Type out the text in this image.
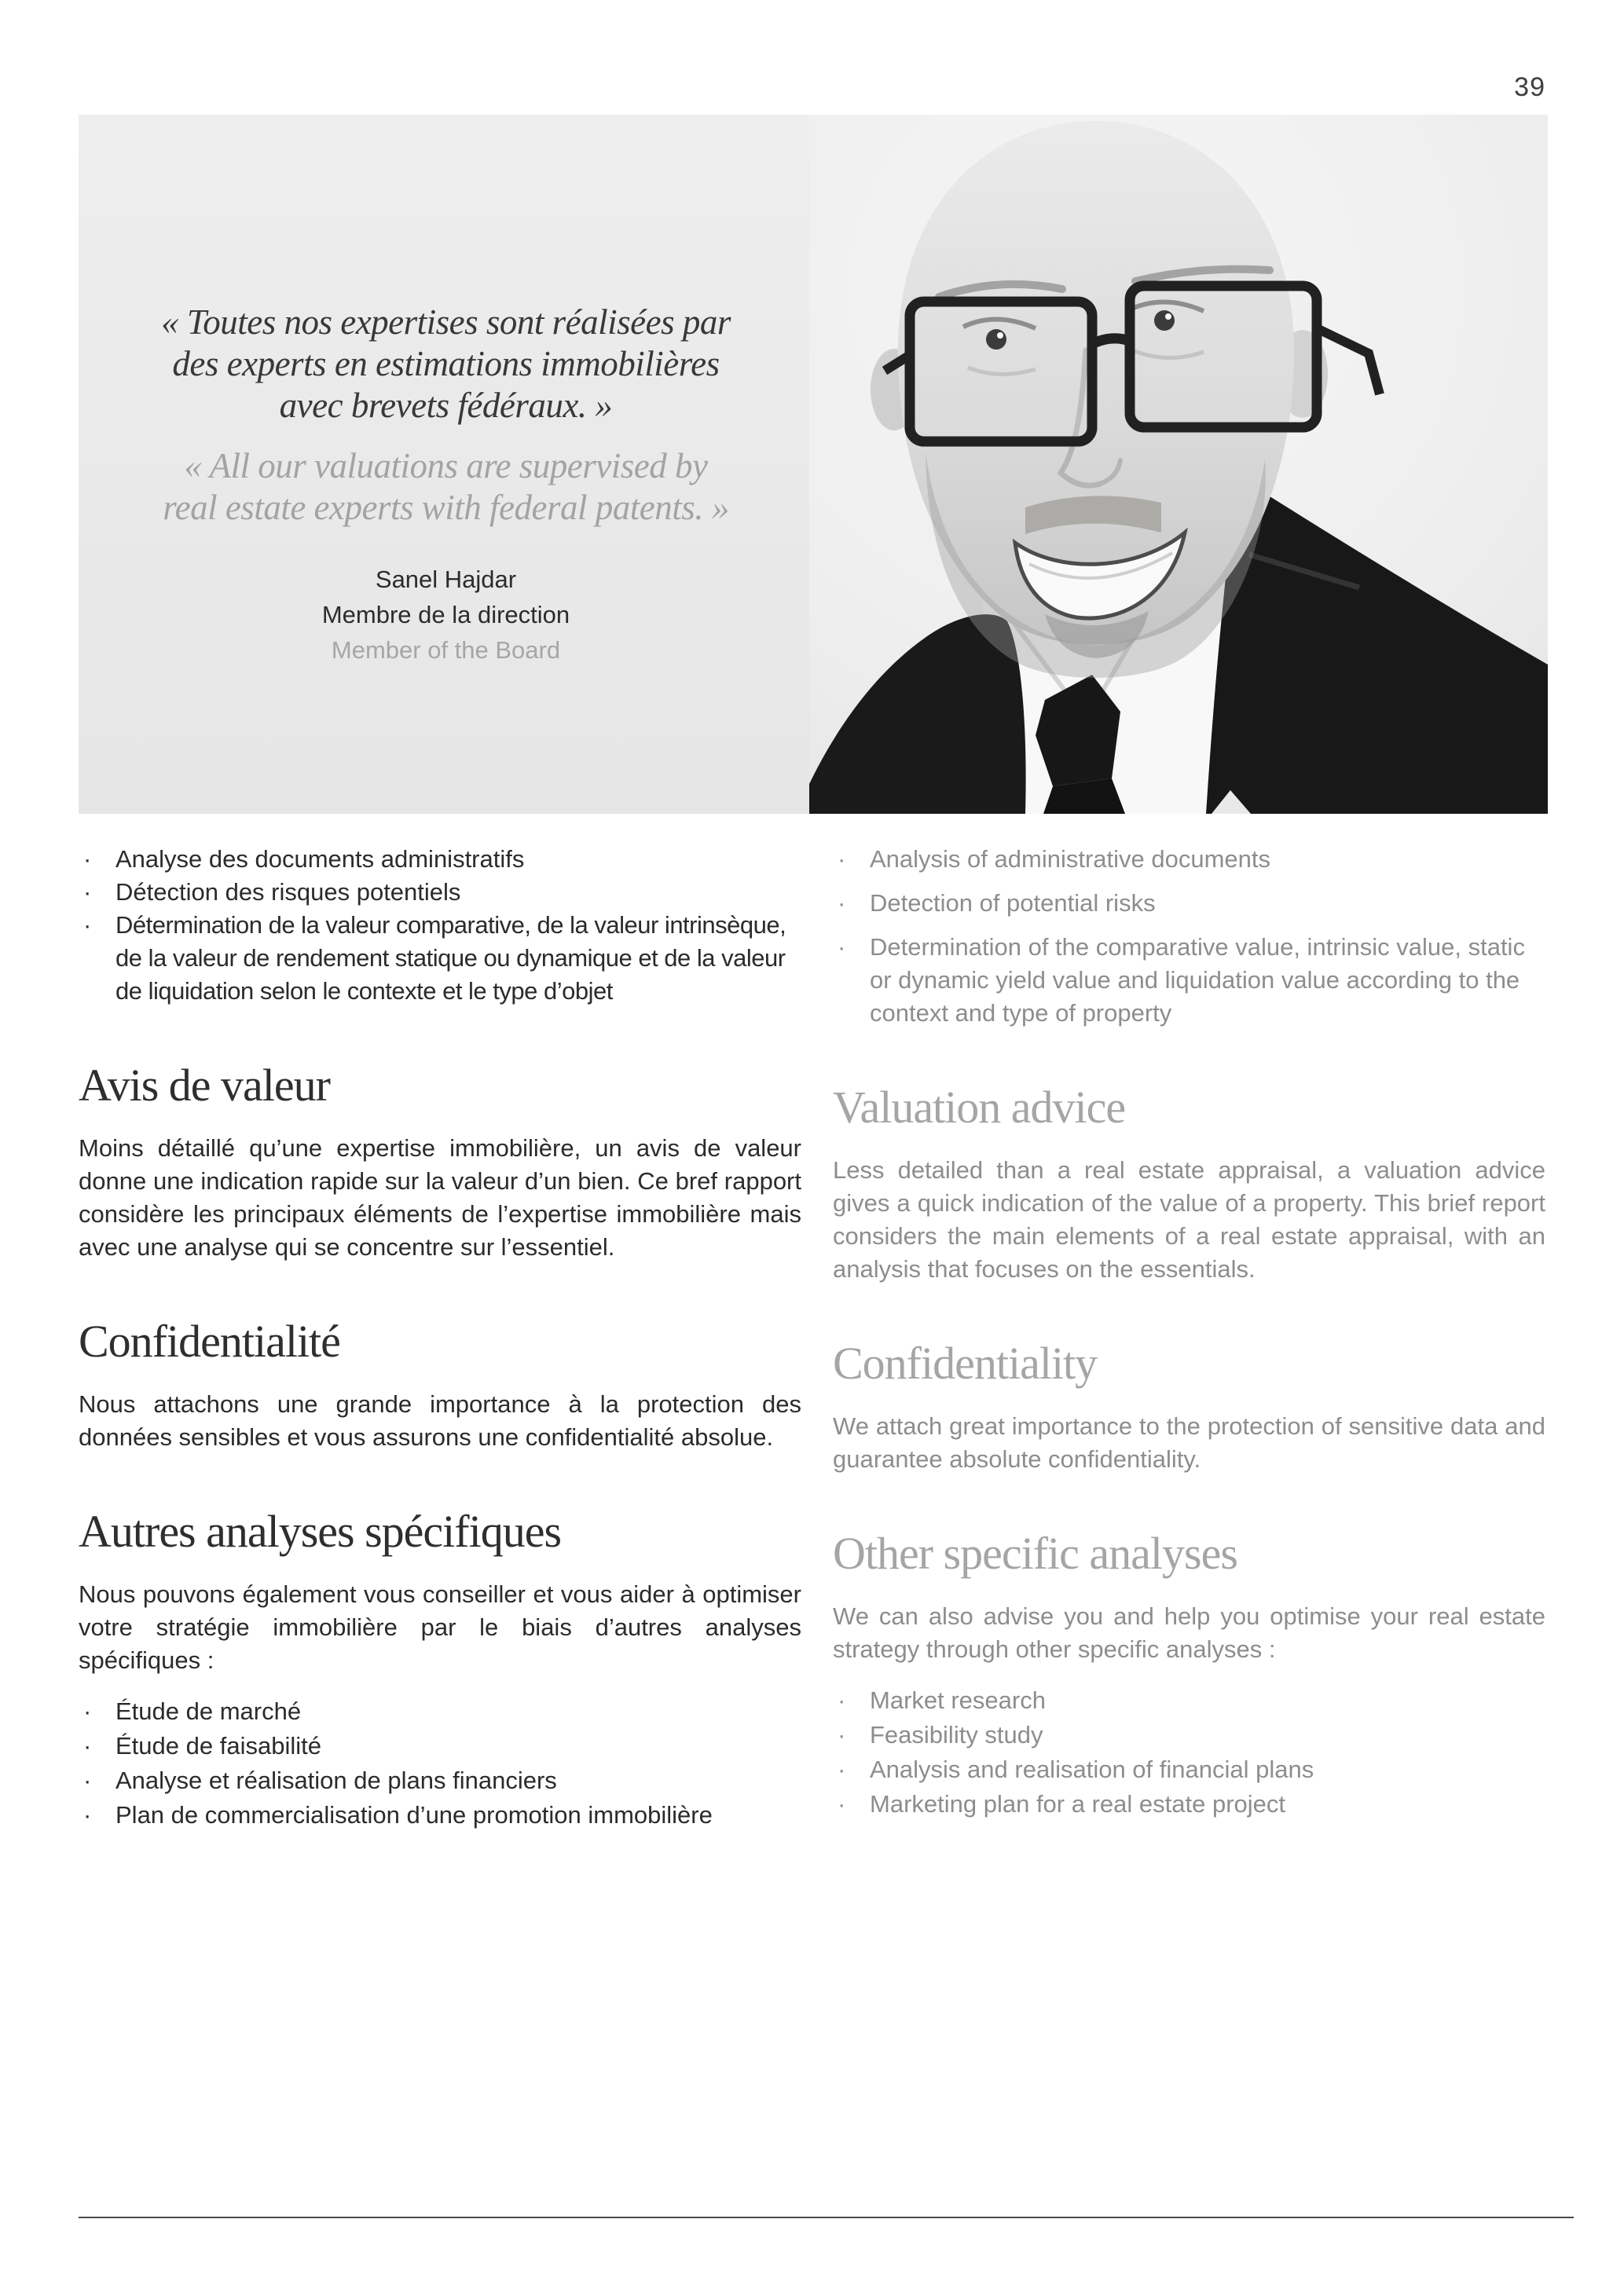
39

« Toutes nos expertises sont réalisées par
des experts en estimations immobilières
avec brevets fédéraux. »

« All our valuations are supervised by
real estate experts with federal patents. »

Sanel Hajdar
Membre de la direction
Member of the Board
· Analyse des documents administratifs
· Détection des risques potentiels
· Détermination de la valeur comparative, de la valeur intrinsèque, de la valeur de rendement statique ou dynamique et de la valeur de liquidation selon le contexte et le type d’objet
Avis de valeur

Moins détaillé qu’une expertise immobilière, un avis de valeur donne une indication rapide sur la valeur d’un bien. Ce bref rapport considère les principaux éléments de l’expertise immobilière mais avec une analyse qui se concentre sur l’essentiel.

Confidentialité

Nous attachons une grande importance à la protection des données sensibles et vous assurons une confidentialité absolue.

Autres analyses spécifiques

Nous pouvons également vous conseiller et vous aider à optimiser votre stratégie immobilière par le biais d’autres analyses spécifiques :

· Étude de marché
· Étude de faisabilité
· Analyse et réalisation de plans financiers
· Plan de commercialisation d’une promotion immobilière
· Analysis of administrative documents
· Detection of potential risks
· Determination of the comparative value, intrinsic value, static or dynamic yield value and liquidation value according to the context and type of property
Valuation advice

Less detailed than a real estate appraisal, a valuation advice gives a quick indication of the value of a property. This brief report considers the main elements of a real estate appraisal, with an analysis that focuses on the essentials.

Confidentiality

We attach great importance to the protection of sensitive data and guarantee absolute confidentiality.

Other specific analyses

We can also advise you and help you optimise your real estate strategy through other specific analyses :

· Market research
· Feasibility study
· Analysis and realisation of financial plans
· Marketing plan for a real estate project
